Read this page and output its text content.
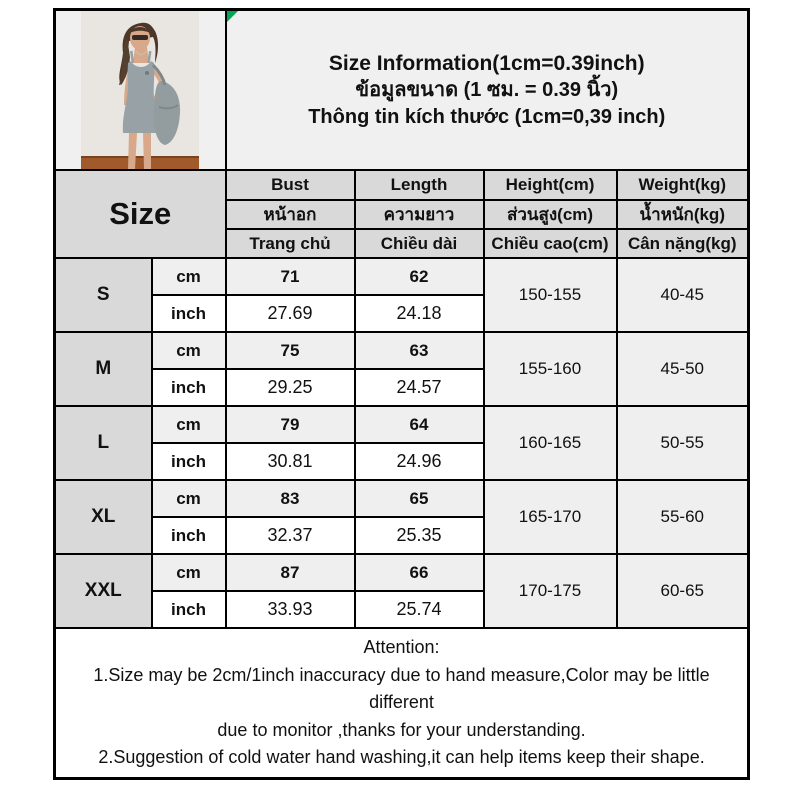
Size Information(1cm=0.39inch)
ข้อมูลขนาด (1 ซม. = 0.39 นิ้ว)
Thông tin kích thước (1cm=0,39 inch)			

Size		Bust	Length	Height(cm)	Weight(kg)
		หน้าอก	ความยาว	ส่วนสูง(cm)	น้ำหนัก(kg)
		Trang chủ	Chiều dài	Chiều cao(cm)	Cân nặng(kg)
S	cm	71	62	150-155	40-45
	inch	27.69	24.18		
M	cm	75	63	155-160	45-50
	inch	29.25	24.57		
L	cm	79	64	160-165	50-55
	inch	30.81	24.96		
XL	cm	83	65	165-170	55-60
	inch	32.37	25.35		
XXL	cm	87	66	170-175	60-65
	inch	33.93	25.74		

Attention:
1.Size may be 2cm/1inch inaccuracy due to hand measure,Color may be little different
due to monitor ,thanks for your understanding.
2.Suggestion of cold water hand washing,it can help items keep their shape.					
